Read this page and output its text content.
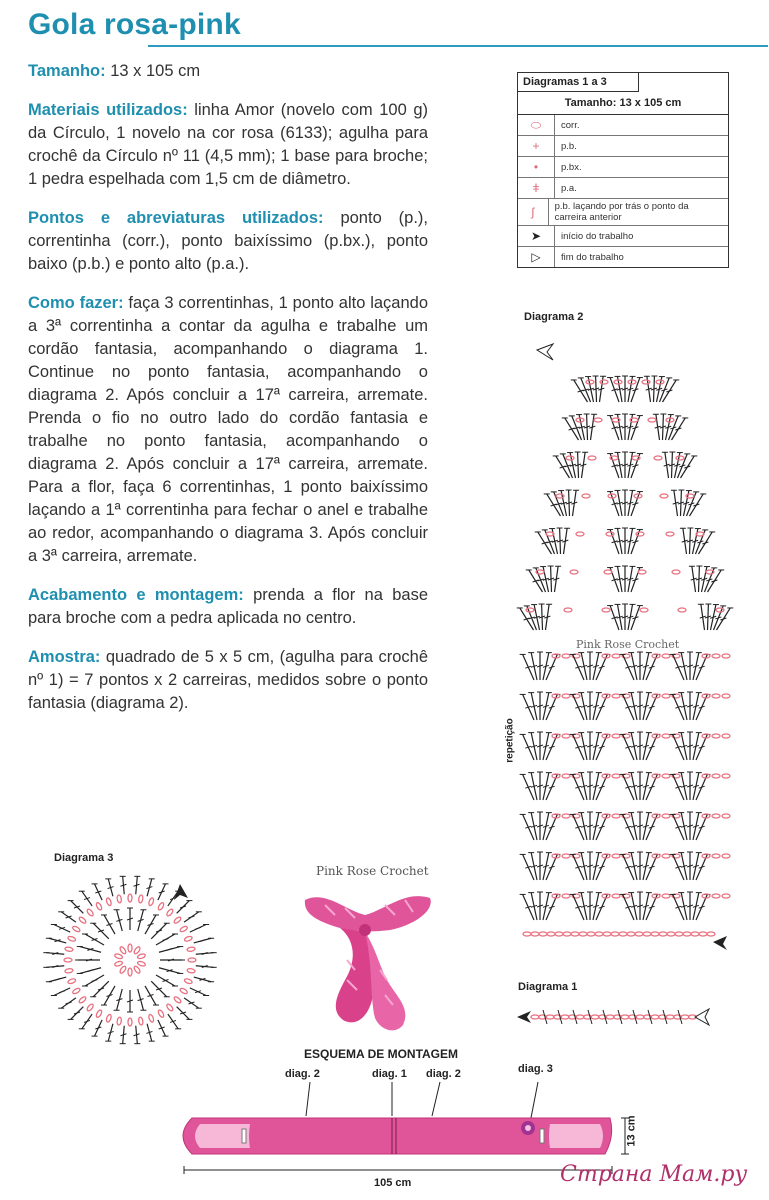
Gola rosa-pink

Tamanho: 13 x 105 cm

Materiais utilizados: linha Amor (novelo com 100 g) da Círculo, 1 novelo na cor rosa (6133); agulha para crochê da Círculo nº 11 (4,5 mm); 1 base para broche; 1 pedra espelhada com 1,5 cm de diâmetro.

Pontos e abreviaturas utilizados: ponto (p.), correntinha (corr.), ponto baixíssimo (p.bx.), ponto baixo (p.b.) e ponto alto (p.a.).

Como fazer: faça 3 correntinhas, 1 ponto alto laçando a 3ª correntinha a contar da agulha e trabalhe um cordão fantasia, acompanhando o diagrama 1. Continue no ponto fantasia, acompanhando o diagrama 2. Após concluir a 17ª carreira, arremate. Prenda o fio no outro lado do cordão fantasia e trabalhe no ponto fantasia, acompanhando o diagrama 2. Após concluir a 17ª carreira, arremate. Para a flor, faça 6 correntinhas, 1 ponto baixíssimo laçando a 1ª correntinha para fechar o anel e trabalhe ao redor, acompanhando o diagrama 3. Após concluir a 3ª carreira, arremate.

Acabamento e montagem: prenda a flor na base para broche com a pedra aplicada no centro.

Amostra: quadrado de 5 x 5 cm, (agulha para crochê nº 1) = 7 pontos x 2 carreiras, medidos sobre o ponto fantasia (diagrama 2).

Diagramas 1 a 3
Tamanho: 13 x 105 cm
⬭	corr.
+	p.b.
•	p.bx.
ǂ	p.a.
ʃ	p.b. laçando por trás o ponto da carreira anterior
➤	início do trabalho
▷	fim do trabalho
Diagrama 2
Pink Rose Crochet
repetição
Diagrama 1
Diagrama 3
Pink Rose Crochet
ESQUEMA DE MONTAGEM
diag. 2	diag. 1 diag. 2	diag. 3
105 cm
13 cm
Страна Мам.ру
